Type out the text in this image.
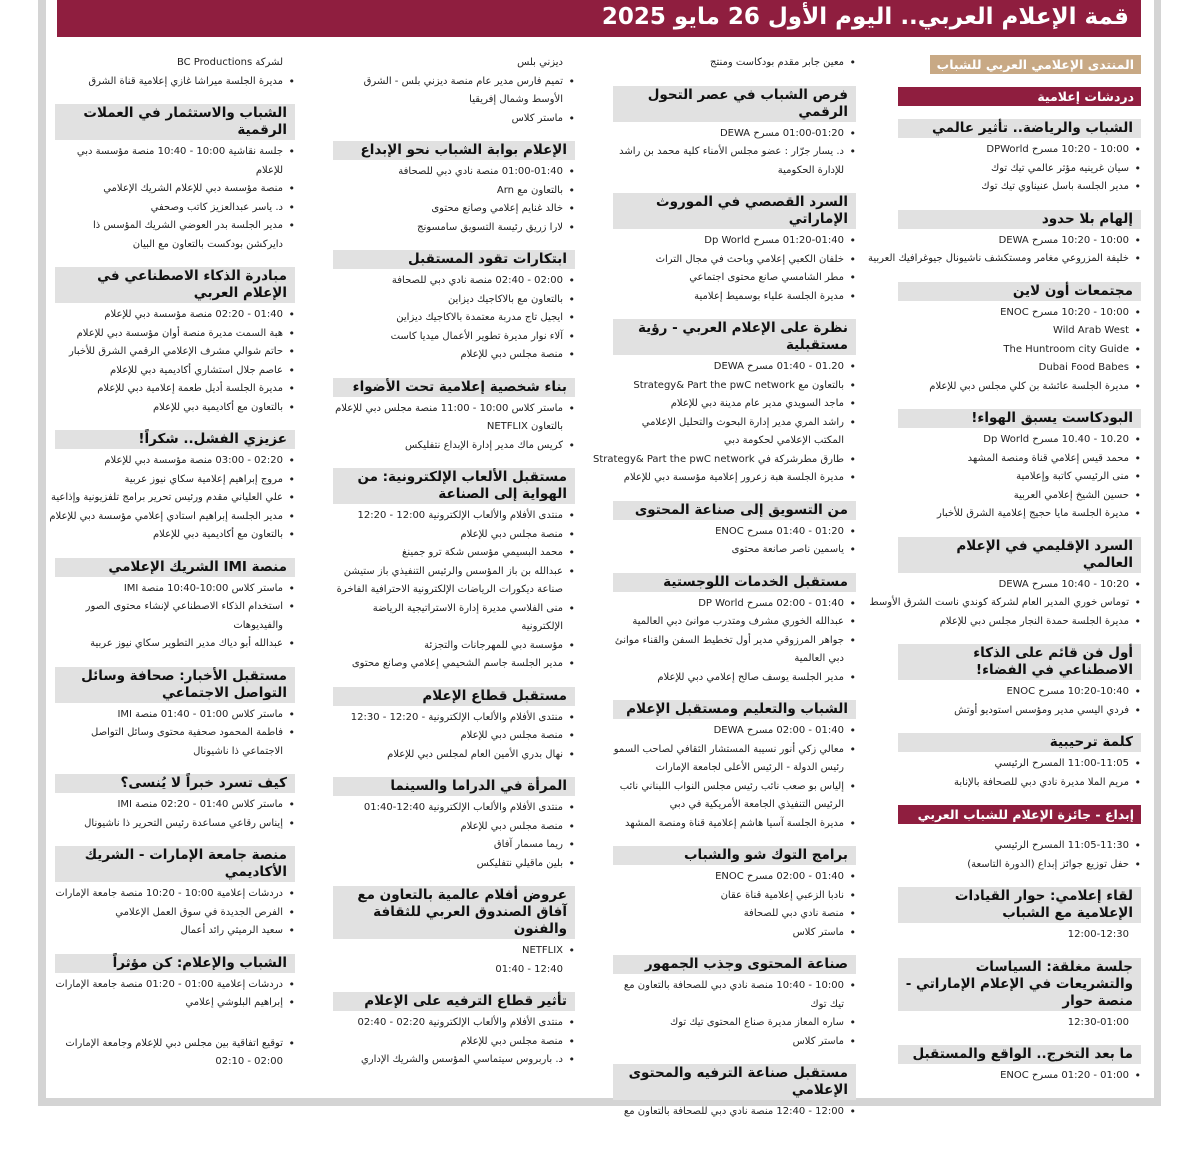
قمة الإعلام العربي.. اليوم الأول 26 مايو 2025
المنتدى الإعلامي العربي للشباب
دردشات إعلامية
الشباب والرياضة.. تأثير عالمي
• 10:00 - 10:20 مسرح DPWorld
• سيان غرينيه مؤثر عالمي تيك توك
• مدير الجلسة باسل عنيناوي تيك توك
إلهام بلا حدود
• 10:00 - 10:20 مسرح DEWA
• خليفة المزروعي مغامر ومستكشف ناشيونال جيوغرافيك العربية
مجتمعات أون لاين
• 10:00 - 10:20 مسرح ENOC
• Wild Arab West
• The Huntroom city Guide
• Dubai Food Babes
• مديرة الجلسة عائشة بن كلي مجلس دبي للإعلام
البودكاست يسبق الهواء!
• 10.20 - 10.40 مسرح Dp World
• محمد قيس إعلامي قناة ومنصة المشهد
• منى الرئيسي كاتبة وإعلامية
• حسين الشيخ إعلامي العربية
• مديرة الجلسة مايا حجيج إعلامية الشرق للأخبار
السرد الإقليمي في الإعلام العالمي
• 10:20 - 10:40 مسرح DEWA
• توماس خوري المدير العام لشركة كوندي ناست الشرق الأوسط
• مديرة الجلسة حمدة النجار مجلس دبي للإعلام
أول فن قائم على الذكاء الاصطناعي في الفضاء!
• 10:20-10:40 مسرح ENOC
• فردي اليسي مدير ومؤسس استوديو أوتش
كلمة ترحيبية
• 11:00-11:05 المسرح الرئيسي
• مريم الملا مديرة نادي دبي للصحافة بالإنابة
إبداع - جائزة الإعلام للشباب العربي
• 11:05-11:30 المسرح الرئيسي
• حفل توزيع جوائز إبداع (الدورة التاسعة)
لقاء إعلامي: حوار القيادات الإعلامية مع الشباب
12:00-12:30
جلسة مغلقة: السياسات والتشريعات في الإعلام الإماراتي - منصة حوار
12:30-01:00
ما بعد التخرج.. الواقع والمستقبل
• 01:00 - 01:20 مسرح ENOC
• معين جابر مقدم بودكاست ومنتج
فرص الشباب في عصر التحول الرقمي
• 01:00-01:20 مسرح DEWA
• د. يسار جرّار : عضو مجلس الأمناء كلية محمد بن راشد للإدارة الحكومية
السرد القصصي في الموروث الإماراتي
• 01:20-01:40 مسرح Dp World
• خلفان الكعبي إعلامي وباحث في مجال التراث
• مطر الشامسي صانع محتوى اجتماعي
• مديرة الجلسة علياء بوسميط إعلامية
نظرة على الإعلام العربي - رؤية مستقبلية
• 01.20 - 01:40 مسرح DEWA
• بالتعاون مع Strategy& Part the pwC network
• ماجد السويدي مدير عام مدينة دبي للإعلام
• راشد المري مدير إدارة البحوث والتحليل الإعلامي المكتب الإعلامي لحكومة دبي
• طارق مطرشركة في Strategy& Part the pwC network
• مديرة الجلسة هبة زعرور إعلامية مؤسسة دبي للإعلام
من التسويق إلى صناعة المحتوى
• 01:20 - 01:40 مسرح ENOC
• ياسمين ناصر صانعة محتوى
مستقبل الخدمات اللوجستية
• 01:40 - 02:00 مسرح DP World
• عبدالله الخوري مشرف ومتدرب موانئ دبي العالمية
• جواهر المرزوقي مدير أول تخطيط السفن والقناء موانئ دبي العالمية
• مدير الجلسة يوسف صالح إعلامي دبي للإعلام
الشباب والتعليم ومستقبل الإعلام
• 01:40 - 02:00 مسرح DEWA
• معالي زكي أنور نسيبة المستشار الثقافي لصاحب السمو رئيس الدولة - الرئيس الأعلى لجامعة الإمارات
• إلياس بو صعب نائب رئيس مجلس النواب اللبناني نائب الرئيس التنفيذي الجامعة الأمريكية في دبي
• مديرة الجلسة آسيا هاشم إعلامية قناة ومنصة المشهد
برامج التوك شو والشباب
• 01:40 - 02:00 مسرح ENOC
• نادبا الزعبي إعلامية قناة عقان
• منصة نادي دبي للصحافة
• ماستر كلاس
صناعة المحتوى وجذب الجمهور
• 10:00 - 10:40 منصة نادي دبي للصحافة بالتعاون مع تيك توك
• ساره المعاز مديرة صناع المحتوى تيك توك
• ماستر كلاس
مستقبل صناعة الترفيه والمحتوى الإعلامي
• 12:00 - 12:40 منصة نادي دبي للصحافة بالتعاون مع
ديزني بلس
• تميم فارس مدير عام منصة ديزني بلس - الشرق الأوسط وشمال إفريقيا
• ماستر كلاس
الإعلام بوابة الشباب نحو الإبداع
• 01:00-01:40 منصة نادي دبي للصحافة
• بالتعاون مع Arn
• خالد غنايم إعلامي وصانع محتوى
• لارا زريق رئيسة التسويق سامسونج
ابتكارات تقود المستقبل
• 02:00 - 02:40 منصة نادي دبي للصحافة
• بالتعاون مع بالاكاجيك ديزاين
• ايجيل تاج مدربة معتمدة بالاكاجيك ديزاين
• آلاء نوار مديرة تطوير الأعمال ميديا كاست
• منصة مجلس دبي للإعلام
بناء شخصية إعلامية تحت الأضواء
• ماستر كلاس 10:00 - 11:00 منصة مجلس دبي للإعلام
بالتعاون NETFLIX
• كريس ماك مدير إدارة الإبداع نتفليكس
مستقبل الألعاب الإلكترونية: من الهواية إلى الصناعة
• منتدى الأفلام والألعاب الإلكترونية 12:00 - 12:20
• منصة مجلس دبي للإعلام
• محمد البسيمي مؤسس شكة ترو جمينغ
• عبدالله بن باز المؤسس والرئيس التنفيذي باز ستيشن
صناعة ديكورات الرياضات الإلكترونية الاحترافية الفاخرة
• منى الفلاسي مديرة إدارة الاستراتيجية الرياضة الإلكترونية
• مؤسسة دبي للمهرجانات والتجزئة
• مدير الجلسة جاسم الشحيمي إعلامي وصانع محتوى
مستقبل قطاع الإعلام
• منتدى الأفلام والألعاب الإلكترونية - 12:20 - 12:30
• منصة مجلس دبي للإعلام
• نهال بدري الأمين العام لمجلس دبي للإعلام
المرأة في الدراما والسينما
• منتدى الأفلام والألعاب الإلكترونية 12:40-01:40
• منصة مجلس دبي للإعلام
• ريما مسمار آفاق
• بلين ماقيلي نتفليكس
عروض أفلام عالمية بالتعاون مع آفاق الصندوق العربي للثقافة والفنون
• NETFLIX
12:40 - 01:40
تأثير قطاع الترفيه على الإعلام
• منتدى الأفلام والألعاب الإلكترونية 02:20 - 02:40
• منصة مجلس دبي للإعلام
• د. باربروس سيتماسي المؤسس والشريك الإداري
لشركة BC Productions
• مديرة الجلسة ميراشا غازي إعلامية قناة الشرق
الشباب والاستثمار في العملات الرقمية
• جلسة نقاشية 10:00 - 10:40 منصة مؤسسة دبي للإعلام
• منصة مؤسسة دبي للإعلام الشريك الإعلامي
• د. ياسر عبدالعزيز كاتب وصحفي
• مدير الجلسة بدر العوضي الشريك المؤسس ذا دايركشن بودكست بالتعاون مع البيان
مبادرة الذكاء الاصطناعي في الإعلام العربي
• 01:40 - 02:20 منصة مؤسسة دبي للإعلام
• هبة السمت مديرة منصة أوان مؤسسة دبي للإعلام
• حاتم شوالي مشرف الإعلامي الرقمي الشرق للأخبار
• عاصم جلال استشاري أكاديمية دبي للإعلام
• مديرة الجلسة أديل طعمة إعلامية دبي للإعلام
• بالتعاون مع أكاديمية دبي للإعلام
عزيزي الفشل.. شكراً!
• 02:20 - 03:00 منصة مؤسسة دبي للإعلام
• مروج إبراهيم إعلامية سكاي نيوز عربية
• علي العلياني مقدم ورئيس تحرير برامج تلفزيونية وإذاعية
• مدير الجلسة إبراهيم استادي إعلامي مؤسسة دبي للإعلام
• بالتعاون مع أكاديمية دبي للإعلام
منصة IMI الشريك الإعلامي
• ماستر كلاس 10:00-10:40 منصة IMI
• استخدام الذكاء الاصطناعي لإنشاء محتوى الصور والفيديوهات
• عبدالله أبو دياك مدير التطوير سكاي نيوز عربية
مستقبل الأخبار: صحافة وسائل التواصل الاجتماعي
• ماستر كلاس 01:00 - 01:40 منصة IMI
• فاطمة المحمود صحفية محتوى وسائل التواصل الاجتماعي ذا ناشيونال
كيف تسرد خبراً لا يُنسى؟
• ماستر كلاس 01:40 - 02:20 منصة IMI
• إيناس رقاعي مساعدة رئيس التحرير ذا ناشيونال
منصة جامعة الإمارات - الشريك الأكاديمي
• دردشات إعلامية 10:00 - 10:20 منصة جامعة الإمارات
• الفرص الجديدة في سوق العمل الإعلامي
• سعيد الرميثي رائد أعمال
الشباب والإعلام: كن مؤثراً
• دردشات إعلامية 01:00 - 01:20 منصة جامعة الإمارات
• إبراهيم البلوشي إعلامي
• توقيع اتفاقية بين مجلس دبي للإعلام وجامعة الإمارات
02:00 - 02:10
